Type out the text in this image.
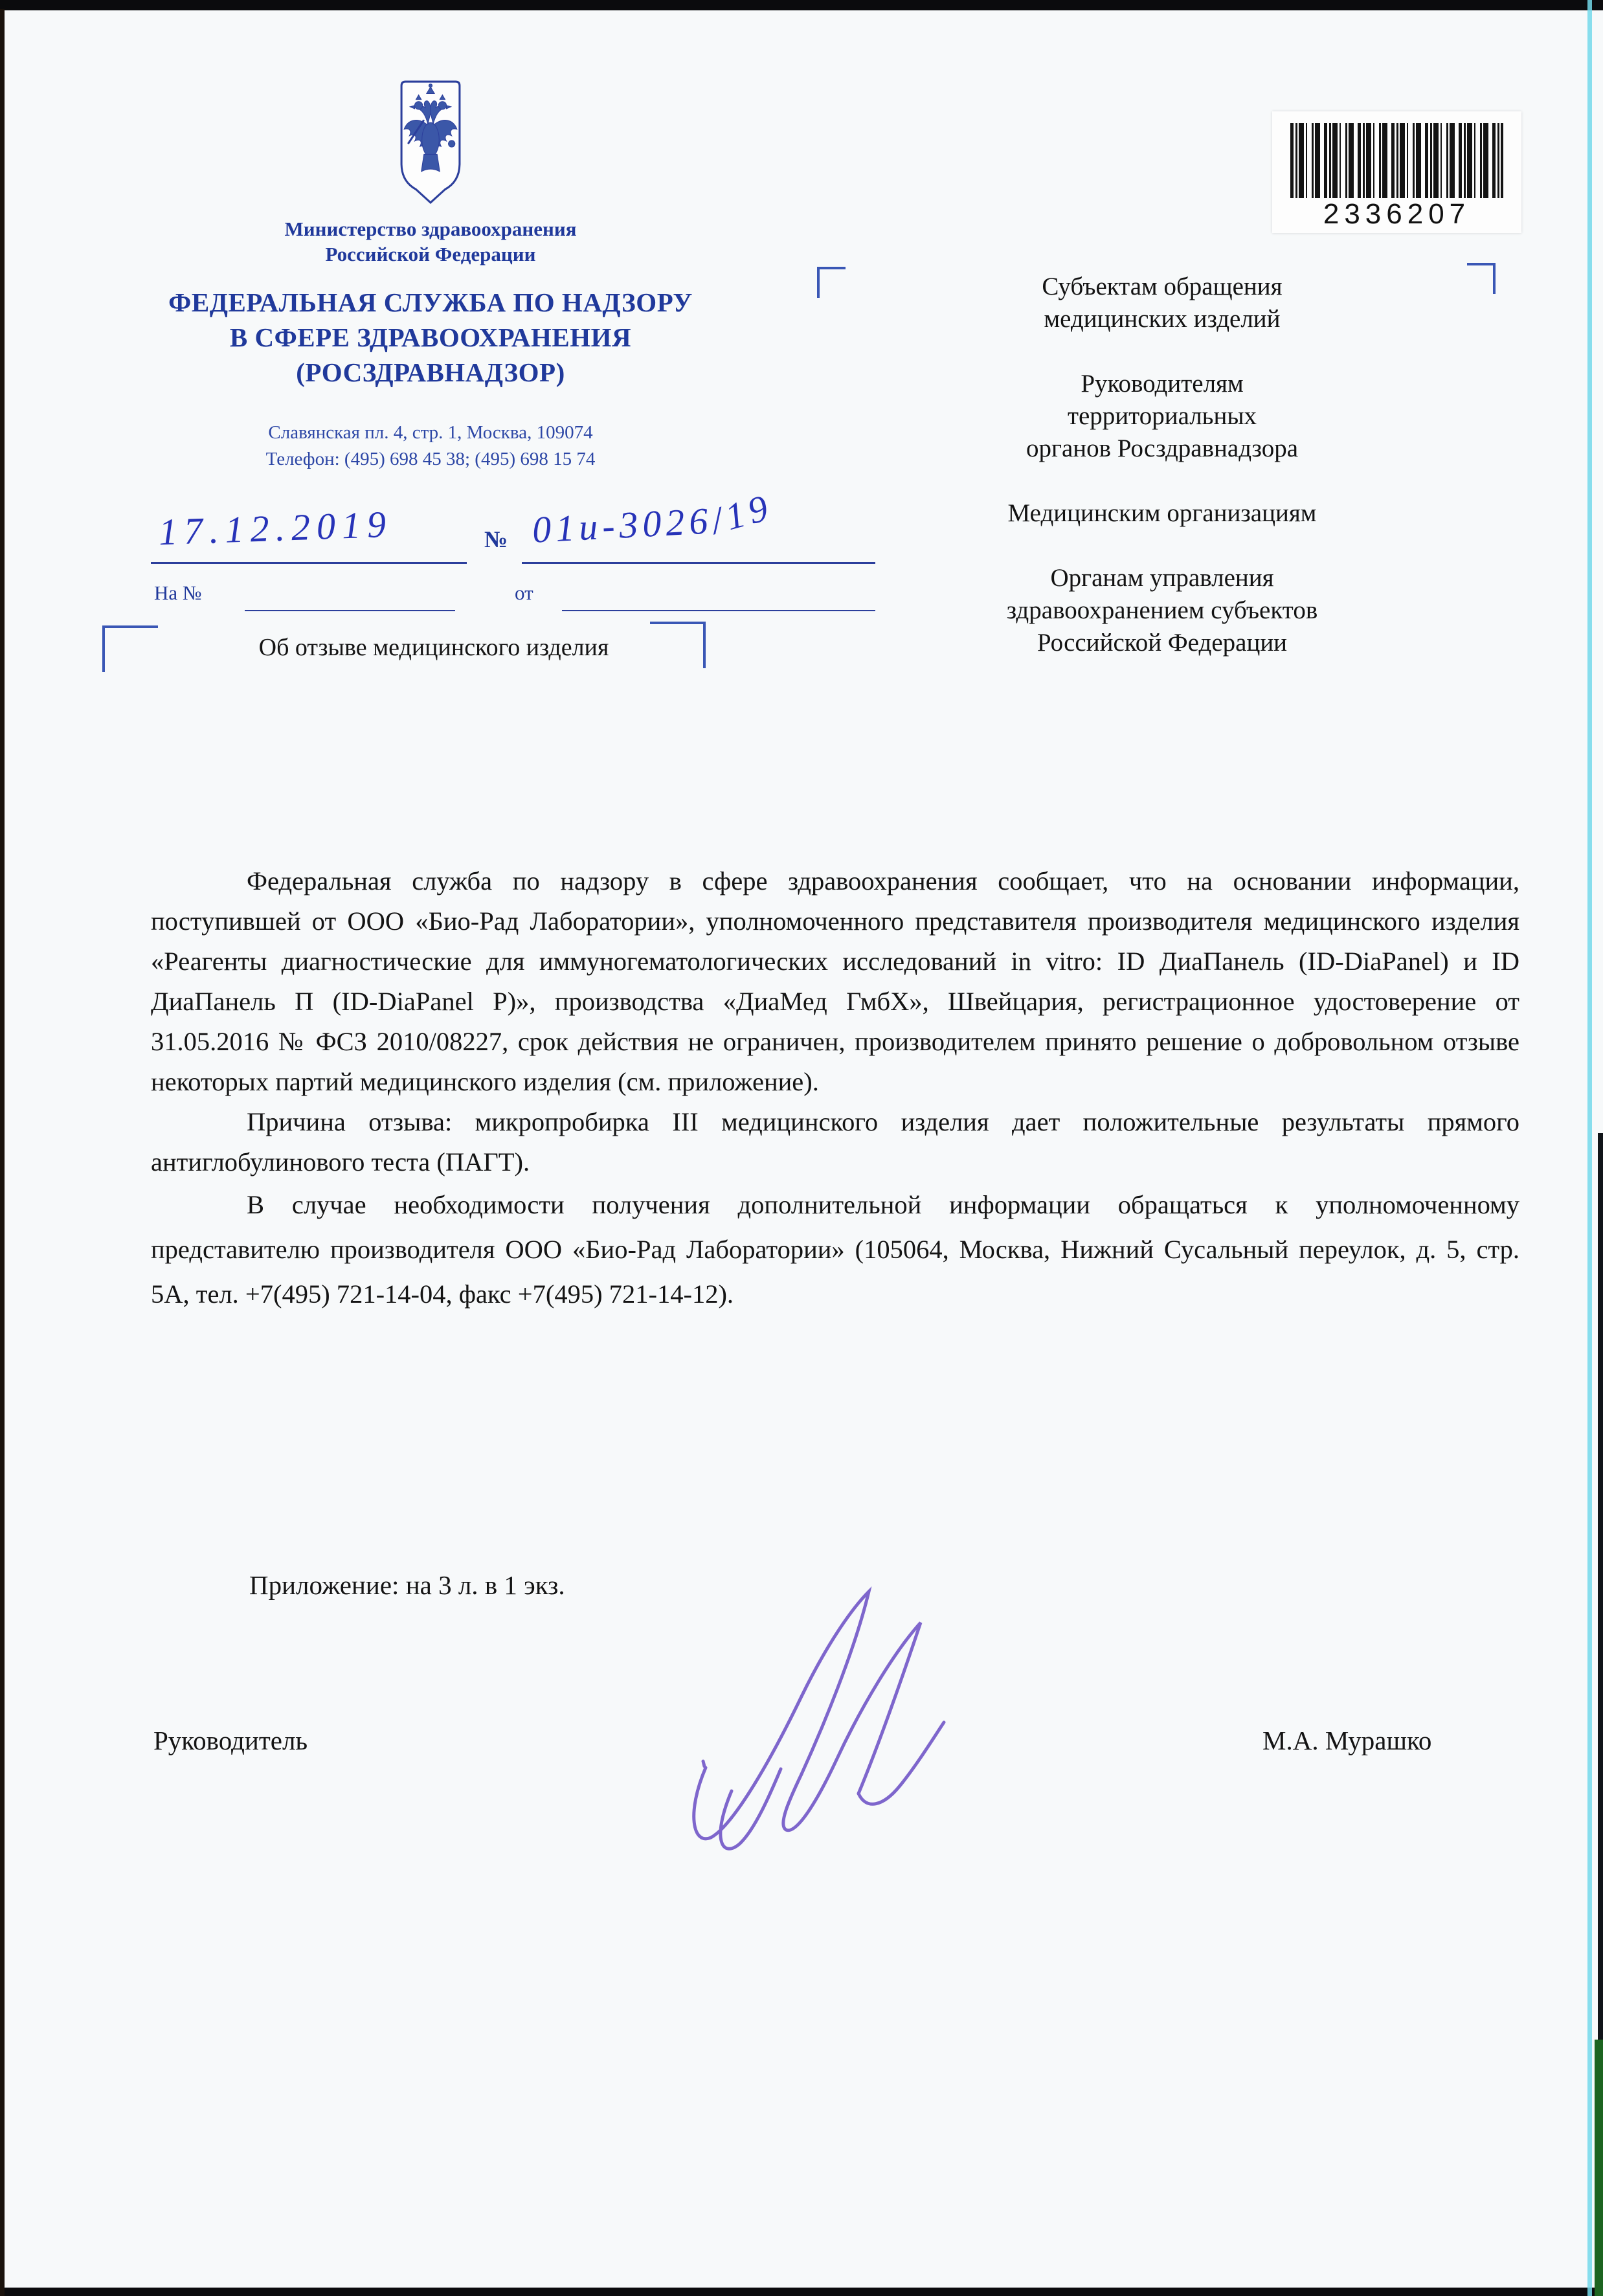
Министерство здравоохранения
Российской Федерации
ФЕДЕРАЛЬНАЯ СЛУЖБА ПО НАДЗОРУ
В СФЕРЕ ЗДРАВООХРАНЕНИЯ
(РОСЗДРАВНАДЗОР)
Славянская пл. 4, стр. 1, Москва, 109074
Телефон: (495) 698 45 38; (495) 698 15 74
2336207
17.12.2019	№ 01и-3026/19
На №	от
Об отзыве медицинского изделия
Субъектам обращения
медицинских изделий
Руководителям
территориальных
органов Росздравнадзора
Медицинским организациям
Органам управления
здравоохранением субъектов
Российской Федерации

Федеральная служба по надзору в сфере здравоохранения сообщает, что на основании информации, поступившей от ООО «Био-Рад Лаборатории», уполномоченного представителя производителя медицинского изделия «Реагенты диагностические для иммуногематологических исследований in vitro: ID ДиаПанель (ID-DiaPanel) и ID ДиаПанель П (ID-DiaPanel P)», производства «ДиаМед ГмбХ», Швейцария, регистрационное удостоверение от 31.05.2016 № ФСЗ 2010/08227, срок действия не ограничен, производителем принято решение о добровольном отзыве некоторых партий медицинского изделия (см. приложение).

Причина отзыва: микропробирка III медицинского изделия дает положительные результаты прямого антиглобулинового теста (ПАГТ).

В случае необходимости получения дополнительной информации обращаться к уполномоченному представителю производителя ООО «Био-Рад Лаборатории» (105064, Москва, Нижний Сусальный переулок, д. 5, стр. 5А, тел. +7(495) 721-14-04, факс +7(495) 721-14-12).

Приложение: на 3 л. в 1 экз.
Руководитель	М.А. Мурашко
